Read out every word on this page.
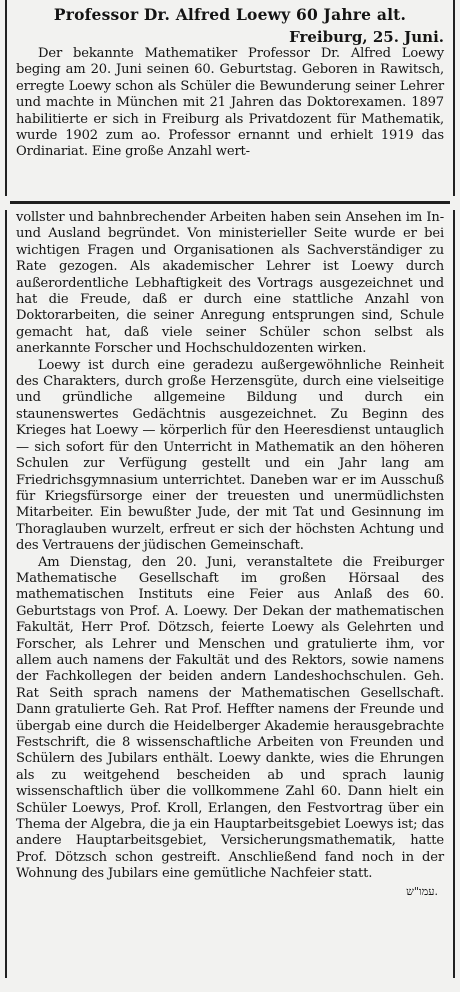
Professor Dr. Alfred Loewy 60 Jahre alt.
Freiburg, 25. Juni.

Der bekannte Mathematiker Professor Dr. Alfred Loewy beging am 20. Juni seinen 60. Geburtstag. Geboren in Rawitsch, erregte Loewy schon als Schüler die Bewunderung seiner Lehrer und machte in München mit 21 Jahren das Doktorexamen. 1897 habilitierte er sich in Freiburg als Privatdozent für Mathematik, wurde 1902 zum ao. Professor ernannt und erhielt 1919 das Ordinariat. Eine große Anzahl wert-

vollster und bahnbrechender Arbeiten haben sein Ansehen im In- und Ausland begründet. Von ministerieller Seite wurde er bei wichtigen Fragen und Organisationen als Sachverständiger zu Rate gezogen. Als akademischer Lehrer ist Loewy durch außerordentliche Lebhaftigkeit des Vortrags ausgezeichnet und hat die Freude, daß er durch eine stattliche Anzahl von Doktorarbeiten, die seiner Anregung entsprungen sind, Schule gemacht hat, daß viele seiner Schüler schon selbst als anerkannte Forscher und Hochschuldozenten wirken.

Loewy ist durch eine geradezu außergewöhnliche Reinheit des Charakters, durch große Herzensgüte, durch eine vielseitige und gründliche allgemeine Bildung und durch ein staunenswertes Gedächtnis ausgezeichnet. Zu Beginn des Krieges hat Loewy — körperlich für den Heeresdienst untauglich — sich sofort für den Unterricht in Mathematik an den höheren Schulen zur Verfügung gestellt und ein Jahr lang am Friedrichsgymnasium unterrichtet. Daneben war er im Ausschuß für Kriegsfürsorge einer der treuesten und unermüdlichsten Mitarbeiter. Ein bewußter Jude, der mit Tat und Gesinnung im Thoraglauben wurzelt, erfreut er sich der höchsten Achtung und des Vertrauens der jüdischen Gemeinschaft.

Am Dienstag, den 20. Juni, veranstaltete die Freiburger Mathematische Gesellschaft im großen Hörsaal des mathematischen Instituts eine Feier aus Anlaß des 60. Geburtstags von Prof. A. Loewy. Der Dekan der mathematischen Fakultät, Herr Prof. Dötzsch, feierte Loewy als Gelehrten und Forscher, als Lehrer und Menschen und gratulierte ihm, vor allem auch namens der Fakultät und des Rektors, sowie namens der Fachkollegen der beiden andern Landeshochschulen. Geh. Rat Seith sprach namens der Mathematischen Gesellschaft. Dann gratulierte Geh. Rat Prof. Heffter namens der Freunde und übergab eine durch die Heidelberger Akademie herausgebrachte Festschrift, die 8 wissenschaftliche Arbeiten von Freunden und Schülern des Jubilars enthält. Loewy dankte, wies die Ehrungen als zu weitgehend bescheiden ab und sprach launig wissenschaftlich über die vollkommene Zahl 60. Dann hielt ein Schüler Loewys, Prof. Kroll, Erlangen, den Festvortrag über ein Thema der Algebra, die ja ein Hauptarbeitsgebiet Loewys ist; das andere Hauptarbeitsgebiet, Versicherungsmathematik, hatte Prof. Dötzsch schon gestreift. Anschließend fand noch in der Wohnung des Jubilars eine gemütliche Nachfeier statt.

עמו"ש.
